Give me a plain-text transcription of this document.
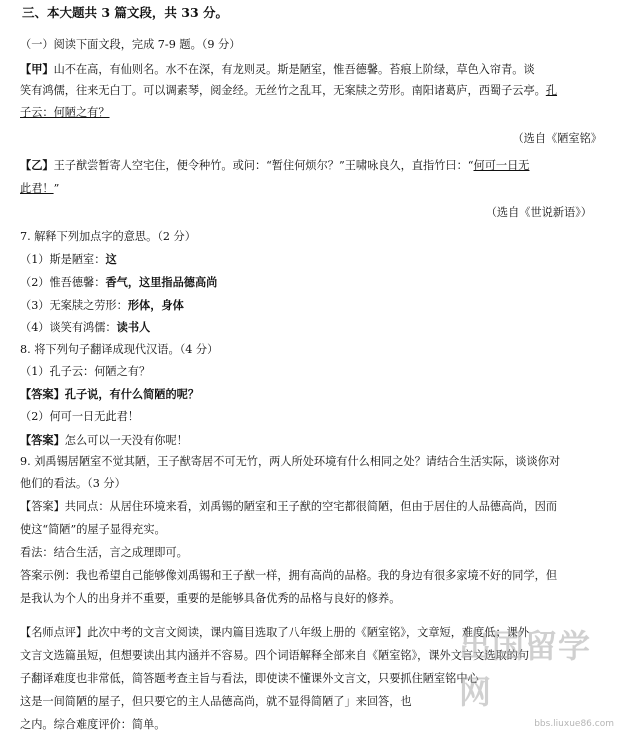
三、本大题共 3 篇文段，共 33 分。
（一）阅读下面文段，完成 7-9 题。（9 分）
【甲】山不在高，有仙则名。水不在深，有龙则灵。斯是陋室，惟吾德馨。苔痕上阶绿，草色入帘青。谈
笑有鸿儒，往来无白丁。可以调素琴，阅金经。无丝竹之乱耳，无案牍之劳形。南阳诸葛庐，西蜀子云亭。孔
子云：何陋之有？
（选自《陋室铭》
【乙】王子猷尝暂寄人空宅住，便令种竹。或问：“暂住何烦尔？”王啸咏良久，直指竹曰：“何可一日无
此君！”
（选自《世说新语》）
7. 解释下列加点字的意思。（2 分）
（1）斯是陋室：这
（2）惟吾德馨：香气，这里指品德高尚
（3）无案牍之劳形：形体，身体
（4）谈笑有鸿儒：读书人
8. 将下列句子翻译成现代汉语。（4 分）
（1）孔子云：何陋之有？
【答案】孔子说，有什么简陋的呢？
（2）何可一日无此君！
【答案】怎么可以一天没有你呢！
9. 刘禹锡居陋室不觉其陋，王子猷寄居不可无竹，两人所处环境有什么相同之处？请结合生活实际，谈谈你对
他们的看法。（3 分）
【答案】共同点：从居住环境来看，刘禹锡的陋室和王子猷的空宅都很简陋，但由于居住的人品德高尚，因而
使这“简陋”的屋子显得充实。
看法：结合生活，言之成理即可。
答案示例：我也希望自己能够像刘禹锡和王子猷一样，拥有高尚的品格。我的身边有很多家境不好的同学，但
是我认为个人的出身并不重要，重要的是能够具备优秀的品格与良好的修养。
【名师点评】此次中考的文言文阅读，课内篇目选取了八年级上册的《陋室铭》，文章短，难度低；课外
文言文选篇虽短，但想要读出其内涵并不容易。四个词语解释全部来自《陋室铭》，课外文言文选取的句
子翻译难度也非常低，简答题考查主旨与看法，即使读不懂课外文言文，只要抓住陋室铭中心
这是一间简陋的屋子，但只要它的主人品德高尚，就不显得简陋了」来回答，也
之内。综合难度评价：简单。
出国留学网
bbs.liuxue86.com
